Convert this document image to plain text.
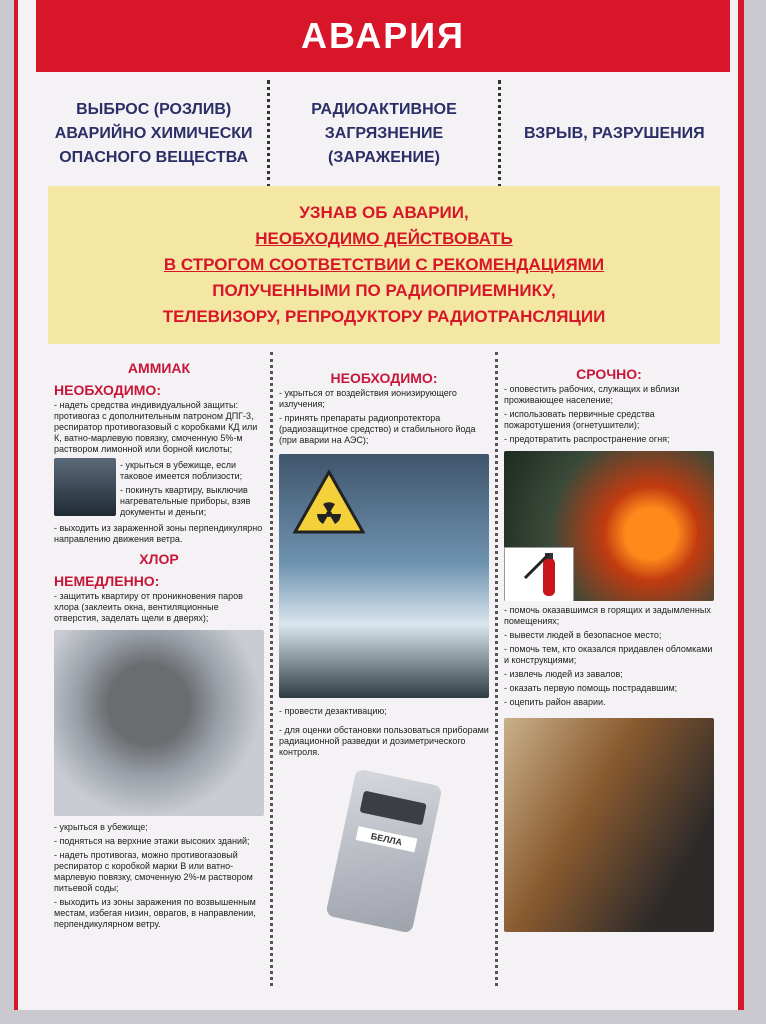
АВАРИЯ
ВЫБРОС (РОЗЛИВ) АВАРИЙНО ХИМИЧЕСКИ ОПАСНОГО ВЕЩЕСТВА
РАДИОАКТИВНОЕ ЗАГРЯЗНЕНИЕ (ЗАРАЖЕНИЕ)
ВЗРЫВ, РАЗРУШЕНИЯ
УЗНАВ ОБ АВАРИИ,
НЕОБХОДИМО ДЕЙСТВОВАТЬ
В СТРОГОМ СООТВЕТСТВИИ С РЕКОМЕНДАЦИЯМИ
ПОЛУЧЕННЫМИ ПО РАДИОПРИЕМНИКУ,
ТЕЛЕВИЗОРУ, РЕПРОДУКТОРУ РАДИОТРАНСЛЯЦИИ
АММИАК
НЕОБХОДИМО:
- надеть средства индивидуальной защиты: противогаз с дополнительным патроном ДПГ-3, респиратор противогазовый с коробками КД или К, ватно-марлевую повязку, смоченную 5%-м раствором лимонной или борной кислоты;
- укрыться в убежище, если таковое имеется поблизости;
- покинуть квартиру, выключив нагревательные приборы, взяв документы и деньги;
- выходить из зараженной зоны перпендикулярно направлению движения ветра.
ХЛОР
НЕМЕДЛЕННО:
- защитить квартиру от проникновения паров хлора (заклеить окна, вентиляционные отверстия, заделать щели в дверях);
- укрыться в убежище;
- подняться на верхние этажи высоких зданий;
- надеть противогаз, можно противогазовый респиратор с коробкой марки В или ватно-марлевую повязку, смоченную 2%-м раствором питьевой соды;
- выходить из зоны заражения по возвышенным местам, избегая низин, оврагов, в направлении, перпендикулярном ветру.
НЕОБХОДИМО:
- укрыться от воздействия ионизирующего излучения;
- принять препараты радиопротектора (радиозащитное средство) и стабильного йода (при аварии на АЭС);
- провести дезактивацию;
- для оценки обстановки пользоваться приборами радиационной разведки и дозиметрического контроля.
БЕЛЛА
СРОЧНО:
- оповестить рабочих, служащих и вблизи проживающее население;
- использовать первичные средства пожаротушения (огнетушители);
- предотвратить распространение огня;
- помочь оказавшимся в горящих и задымленных помещениях;
- вывести людей в безопасное место;
- помочь тем, кто оказался придавлен обломками и конструкциями;
- извлечь людей из завалов;
- оказать первую помощь пострадавшим;
- оцепить район аварии.
